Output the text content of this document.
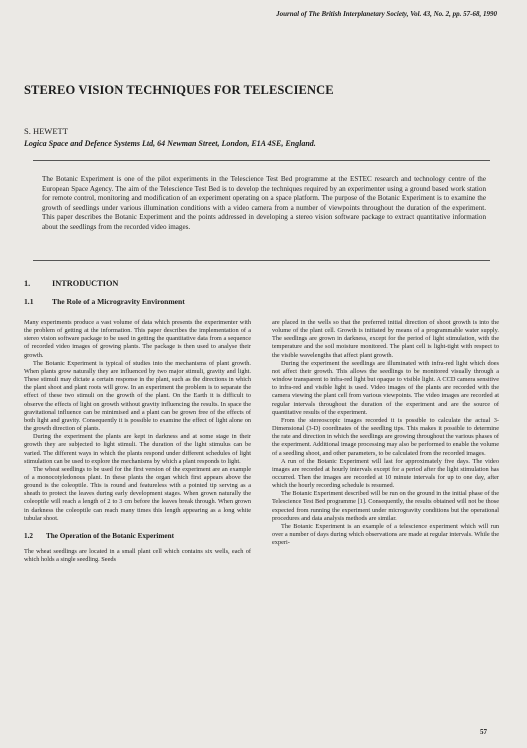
Journal of The British Interplanetary Society, Vol. 43, No. 2, pp. 57-68, 1990
STEREO VISION TECHNIQUES FOR TELESCIENCE
S. HEWETT
Logica Space and Defence Systems Ltd, 64 Newman Street, London, E1A 4SE, England.
The Botanic Experiment is one of the pilot experiments in the Telescience Test Bed programme at the ESTEC research and technology centre of the European Space Agency. The aim of the Telescience Test Bed is to develop the techniques required by an experimenter using a ground based work station for remote control, monitoring and modification of an experiment operating on a space platform. The purpose of the Botanic Experiment is to examine the growth of seedlings under various illumination conditions with a video camera from a number of viewpoints throughout the duration of the experiment. This paper describes the Botanic Experiment and the points addressed in developing a stereo vision software package to extract quantitative information about the seedlings from the recorded video images.
1.	INTRODUCTION
1.1 The Role of a Microgravity Environment

Many experiments produce a vast volume of data which presents the experimenter with the problem of getting at the information. This paper describes the implementation of a stereo vision software package to be used in getting the quantitative data from a sequence of recorded video images of growing plants. The package is then used to analyse their growth.

The Botanic Experiment is typical of studies into the mechanisms of plant growth. When plants grow naturally they are influenced by two major stimuli, gravity and light. These stimuli may dictate a certain response in the plant, such as the directions in which the plant shoot and plant roots will grow. In an experiment the problem is to separate the effect of these two stimuli on the growth of the plant. On the Earth it is difficult to observe the effects of light on growth without gravity influencing the results. In space the gravitational influence can be minimised and a plant can be grown free of the effects of both light and gravity. Consequently it is possible to examine the effect of light alone on the growth direction of plants.

During the experiment the plants are kept in darkness and at some stage in their growth they are subjected to light stimuli. The duration of the light stimulus can be varied. The different ways in which the plants respond under different schedules of light stimulation can be used to explore the mechanisms by which a plant responds to light.

The wheat seedlings to be used for the first version of the experiment are an example of a monocotyledonous plant. In these plants the organ which first appears above the ground is the coleoptile. This is round and featureless with a pointed tip serving as a sheath to protect the leaves during early development stages. When grown naturally the coleoptile will reach a length of 2 to 3 cm before the leaves break through. When grown in darkness the coleoptile can reach many times this length appearing as a long white tubular shoot.

1.2 The Operation of the Botanic Experiment

The wheat seedlings are located in a small plant cell which contains six wells, each of which holds a single seedling. Seeds

are placed in the wells so that the preferred initial direction of shoot growth is into the volume of the plant cell. Growth is initiated by means of a programmable water supply. The seedlings are grown in darkness, except for the period of light stimulation, with the temperature and the soil moisture monitored. The plant cell is light-tight with respect to the visible wavelengths that affect plant growth.

During the experiment the seedlings are illuminated with infra-red light which does not affect their growth. This allows the seedlings to be monitored visually through a window transparent to infra-red light but opaque to visible light. A CCD camera sensitive to infra-red and visible light is used. Video images of the plants are recorded with the camera viewing the plant cell from various viewpoints. The video images are recorded at regular intervals throughout the duration of the experiment and are the source of quantitative results of the experiment.

From the stereoscopic images recorded it is possible to calculate the actual 3-Dimensional (3-D) coordinates of the seedling tips. This makes it possible to determine the rate and direction in which the seedlings are growing throughout the various phases of the experiment. Additional image processing may also be performed to enable the volume of a seedling shoot, and other parameters, to be calculated from the recorded images.

A run of the Botanic Experiment will last for approximately five days. The video images are recorded at hourly intervals except for a period after the light stimulation has occurred. Then the images are recorded at 10 minute intervals for up to one day, after which the hourly recording schedule is resumed.

The Botanic Experiment described will be run on the ground in the initial phase of the Telescience Test Bed programme [1]. Consequently, the results obtained will not be those expected from running the experiment under microgravity conditions but the operational procedures and data analysis methods are similar.

The Botanic Experiment is an example of a telescience experiment which will run over a number of days during which observations are made at regular intervals. While the experi-

57
